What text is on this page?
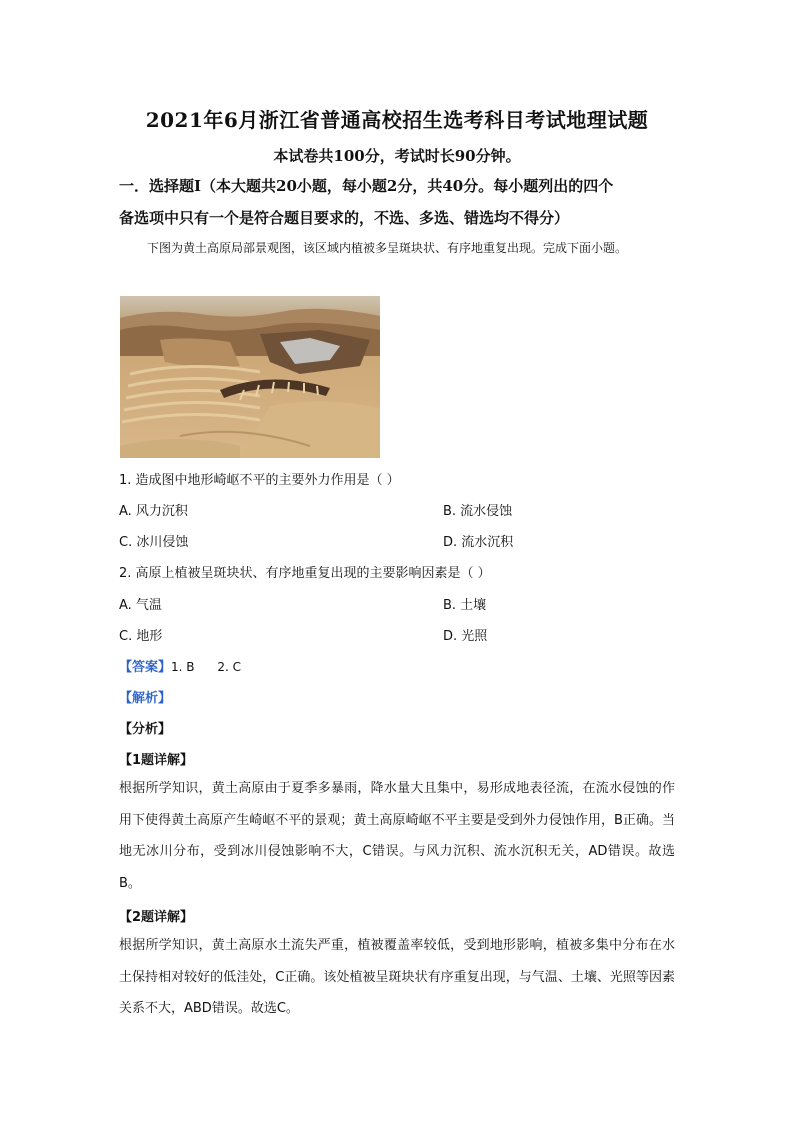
2021年6月浙江省普通高校招生选考科目考试地理试题
本试卷共100分，考试时长90分钟。
一．选择题Ⅰ（本大题共20小题，每小题2分，共40分。每小题列出的四个
备选项中只有一个是符合题目要求的，不选、多选、错选均不得分）
下图为黄土高原局部景观图，该区域内植被多呈斑块状、有序地重复出现。完成下面小题。
1. 造成图中地形崎岖不平的主要外力作用是（ ）
A. 风力沉积	B. 流水侵蚀
C. 冰川侵蚀	D. 流水沉积
2. 高原上植被呈斑块状、有序地重复出现的主要影响因素是（ ）
A. 气温	B. 土壤
C. 地形	D. 光照
【答案】1. B      2. C
【解析】
【分析】
【1题详解】
根据所学知识，黄土高原由于夏季多暴雨，降水量大且集中，易形成地表径流，在流水侵蚀的作用下使得黄土高原产生崎岖不平的景观；黄土高原崎岖不平主要是受到外力侵蚀作用，B正确。当地无冰川分布，受到冰川侵蚀影响不大，C错误。与风力沉积、流水沉积无关，AD错误。故选B。
【2题详解】
根据所学知识，黄土高原水土流失严重，植被覆盖率较低，受到地形影响，植被多集中分布在水土保持相对较好的低洼处，C正确。该处植被呈斑块状有序重复出现，与气温、土壤、光照等因素关系不大，ABD错误。故选C。
